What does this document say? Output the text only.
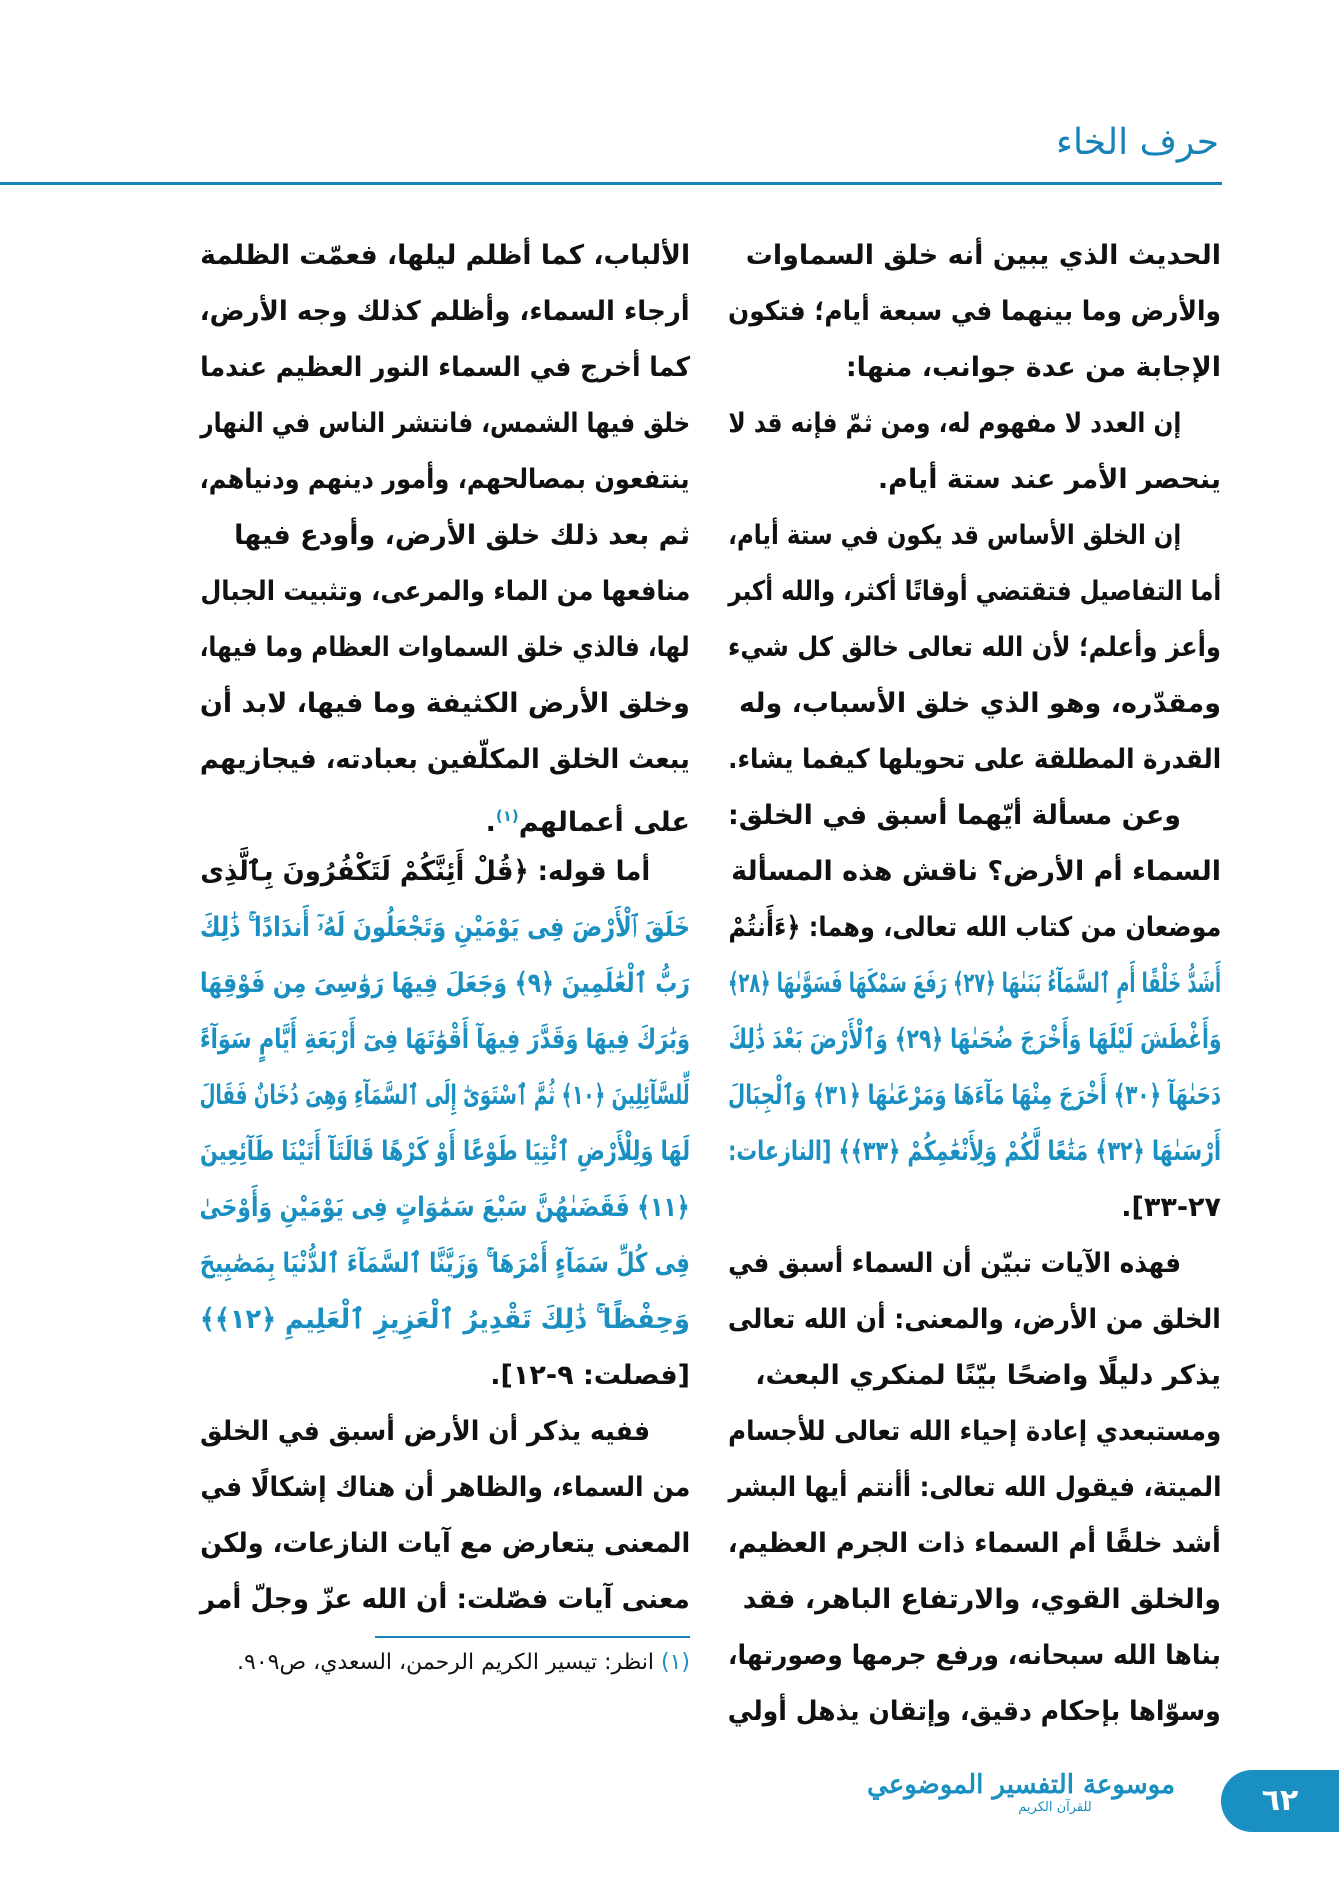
حرف الخاء
الحديث الذي يبين أنه خلق السماوات
والأرض وما بينهما في سبعة أيام؛ فتكون
الإجابة من عدة جوانب، منها:
إن العدد لا مفهوم له، ومن ثمّ فإنه قد لا
ينحصر الأمر عند ستة أيام.
إن الخلق الأساس قد يكون في ستة أيام،
أما التفاصيل فتقتضي أوقاتًا أكثر، والله أكبر
وأعز وأعلم؛ لأن الله تعالى خالق كل شيء
ومقدّره، وهو الذي خلق الأسباب، وله
القدرة المطلقة على تحويلها كيفما يشاء.
وعن مسألة أيّهما أسبق في الخلق:
السماء أم الأرض؟ ناقش هذه المسألة
موضعان من كتاب الله تعالى، وهما: ﴿ءَأَنتُمْ
أَشَدُّ خَلْقًا أَمِ ٱلسَّمَآءُ بَنَىٰهَا ﴿٢٧﴾ رَفَعَ سَمْكَهَا فَسَوَّىٰهَا ﴿٢٨﴾
وَأَغْطَشَ لَيْلَهَا وَأَخْرَجَ ضُحَىٰهَا ﴿٢٩﴾ وَٱلْأَرْضَ بَعْدَ ذَٰلِكَ
دَحَىٰهَآ ﴿٣٠﴾ أَخْرَجَ مِنْهَا مَآءَهَا وَمَرْعَىٰهَا ﴿٣١﴾ وَٱلْجِبَالَ
أَرْسَىٰهَا ﴿٣٢﴾ مَتَٰعًا لَّكُمْ وَلِأَنْعَٰمِكُمْ ﴿٣٣﴾﴾ [النازعات:
٢٧-٣٣].
فهذه الآيات تبيّن أن السماء أسبق في
الخلق من الأرض، والمعنى: أن الله تعالى
يذكر دليلًا واضحًا بيّنًا لمنكري البعث،
ومستبعدي إعادة إحياء الله تعالى للأجسام
الميتة، فيقول الله تعالى: أأنتم أيها البشر
أشد خلقًا أم السماء ذات الجرم العظيم،
والخلق القوي، والارتفاع الباهر، فقد
بناها الله سبحانه، ورفع جرمها وصورتها،
وسوّاها بإحكام دقيق، وإتقان يذهل أولي
الألباب، كما أظلم ليلها، فعمّت الظلمة
أرجاء السماء، وأظلم كذلك وجه الأرض،
كما أخرج في السماء النور العظيم عندما
خلق فيها الشمس، فانتشر الناس في النهار
ينتفعون بمصالحهم، وأمور دينهم ودنياهم،
ثم بعد ذلك خلق الأرض، وأودع فيها
منافعها من الماء والمرعى، وتثبيت الجبال
لها، فالذي خلق السماوات العظام وما فيها،
وخلق الأرض الكثيفة وما فيها، لابد أن
يبعث الخلق المكلّفين بعبادته، فيجازيهم
على أعمالهم$^{(١)}$.
أما قوله: ﴿قُلْ أَئِنَّكُمْ لَتَكْفُرُونَ بِٱلَّذِى
خَلَقَ ٱلْأَرْضَ فِى يَوْمَيْنِ وَتَجْعَلُونَ لَهُۥٓ أَندَادًا ۚ ذَٰلِكَ
رَبُّ ٱلْعَٰلَمِينَ ﴿٩﴾ وَجَعَلَ فِيهَا رَوَٰسِىَ مِن فَوْقِهَا
وَبَٰرَكَ فِيهَا وَقَدَّرَ فِيهَآ أَقْوَٰتَهَا فِىٓ أَرْبَعَةِ أَيَّامٍ سَوَآءً
لِّلسَّآئِلِينَ ﴿١٠﴾ ثُمَّ ٱسْتَوَىٰٓ إِلَى ٱلسَّمَآءِ وَهِىَ دُخَانٌ فَقَالَ
لَهَا وَلِلْأَرْضِ ٱئْتِيَا طَوْعًا أَوْ كَرْهًا قَالَتَآ أَتَيْنَا طَآئِعِينَ
﴿١١﴾ فَقَضَىٰهُنَّ سَبْعَ سَمَٰوَاتٍ فِى يَوْمَيْنِ وَأَوْحَىٰ
فِى كُلِّ سَمَآءٍ أَمْرَهَا ۚ وَزَيَّنَّا ٱلسَّمَآءَ ٱلدُّنْيَا بِمَصَٰبِيحَ
وَحِفْظًا ۚ ذَٰلِكَ تَقْدِيرُ ٱلْعَزِيزِ ٱلْعَلِيمِ ﴿١٢﴾﴾
[فصلت: ٩-١٢].
ففيه يذكر أن الأرض أسبق في الخلق
من السماء، والظاهر أن هناك إشكالًا في
المعنى يتعارض مع آيات النازعات، ولكن
معنى آيات فصّلت: أن الله عزّ وجلّ أمر
(١) انظر: تيسير الكريم الرحمن، السعدي، ص٩٠٩.
موسوعة التفسير الموضوعي
للقرآن الكريم	٦٢
